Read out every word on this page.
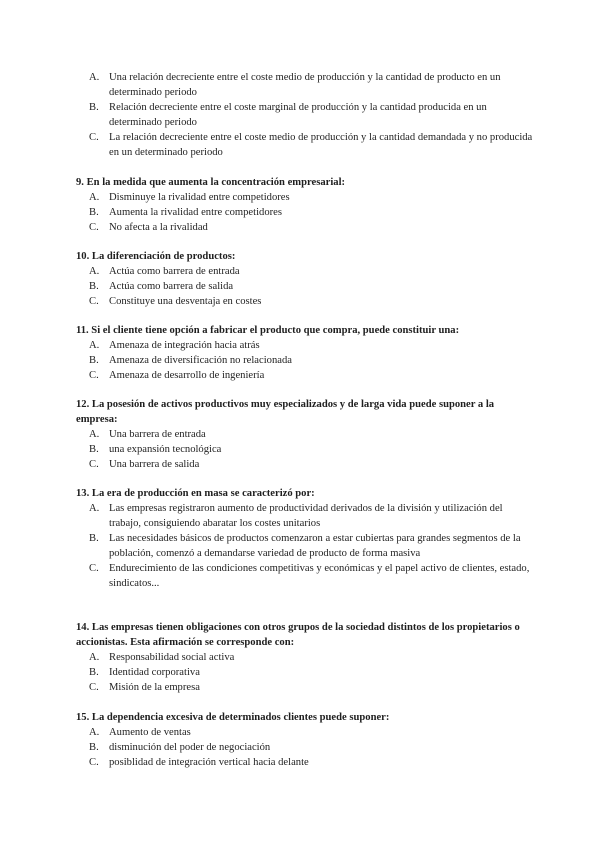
A. Una relación decreciente entre el coste medio de producción y la cantidad de producto en un determinado periodo
B. Relación decreciente entre el coste marginal de producción y la cantidad producida en un determinado periodo
C. La relación decreciente entre el coste medio de producción y la cantidad demandada y no producida en un determinado periodo
9. En la medida que aumenta la concentración empresarial:
A. Disminuye la rivalidad entre competidores
B. Aumenta la rivalidad entre competidores
C. No afecta a la rivalidad
10. La diferenciación de productos:
A. Actúa como barrera de entrada
B. Actúa como barrera de salida
C. Constituye una desventaja en costes
11. Si el cliente tiene opción a fabricar el producto que compra, puede constituir una:
A. Amenaza de integración hacia atrás
B. Amenaza de diversificación no relacionada
C. Amenaza de desarrollo de ingeniería
12. La posesión de activos productivos muy especializados y de larga vida puede suponer a la empresa:
A. Una barrera de entrada
B. una expansión tecnológica
C. Una barrera de salida
13. La era de producción en masa se caracterizó por:
A. Las empresas registraron aumento de productividad derivados de la división y utilización del trabajo, consiguiendo abaratar los costes unitarios
B. Las necesidades básicos de productos comenzaron a estar cubiertas para grandes segmentos de la población, comenzó a demandarse variedad de producto de forma masiva
C. Endurecimiento de las condiciones competitivas y económicas y el papel activo de clientes, estado, sindicatos...
14. Las empresas tienen obligaciones con otros grupos de la sociedad distintos de los propietarios o accionistas. Esta afirmación se corresponde con:
A. Responsabilidad social activa
B. Identidad corporativa
C. Misión de la empresa
15. La dependencia excesiva de determinados clientes puede suponer:
A. Aumento de ventas
B. disminución del poder de negociación
C. posiblidad de integración vertical hacia delante
